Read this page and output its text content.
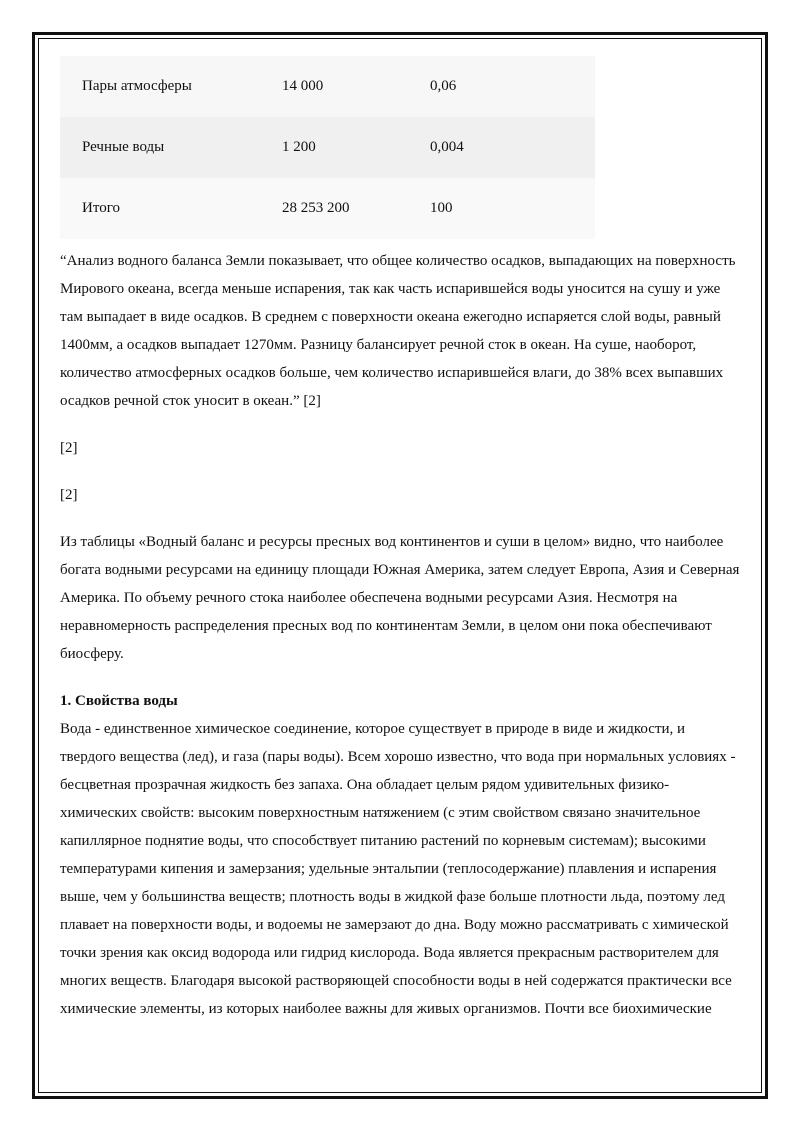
Пары атмосферы	14 000	0,06
Речные воды	1 200	0,004
Итого	28 253 200	100

“Анализ водного баланса Земли показывает, что общее количество осадков, выпадающих на поверхность Мирового океана, всегда меньше испарения, так как часть испарившейся воды уносится на сушу и уже там выпадает в виде осадков. В среднем с поверхности океана ежегодно испаряется слой воды, равный 1400мм, а осадков выпадает 1270мм. Разницу балансирует речной сток в океан. На суше, наоборот, количество атмосферных осадков больше, чем количество испарившейся влаги, до 38% всех выпавших осадков речной сток уносит в океан.” [2]

[2]

[2]

Из таблицы «Водный баланс и ресурсы пресных вод континентов и суши в целом» видно, что наиболее богата водными ресурсами на единицу площади Южная Америка, затем следует Европа, Азия и Северная Америка. По объему речного стока наиболее обеспечена водными ресурсами Азия. Несмотря на неравномерность распределения пресных вод по континентам Земли, в целом они пока обеспечивают биосферу.

1. Свойства воды

Вода - единственное химическое соединение, которое существует в природе в виде и жидкости, и твердого вещества (лед), и газа (пары воды). Всем хорошо известно, что вода при нормальных условиях - бесцветная прозрачная жидкость без запаха. Она обладает целым рядом удивительных физико-химических свойств: высоким поверхностным натяжением (с этим свойством связано значительное капиллярное поднятие воды, что способствует питанию растений по корневым системам); высокими температурами кипения и замерзания; удельные энтальпии (теплосодержание) плавления и испарения выше, чем у большинства веществ; плотность воды в жидкой фазе больше плотности льда, поэтому лед плавает на поверхности воды, и водоемы не замерзают до дна. Воду можно рассматривать с химической точки зрения как оксид водорода или гидрид кислорода. Вода является прекрасным растворителем для многих веществ. Благодаря высокой растворяющей способности воды в ней содержатся практически все химические элементы, из которых наиболее важны для живых организмов. Почти все биохимические
